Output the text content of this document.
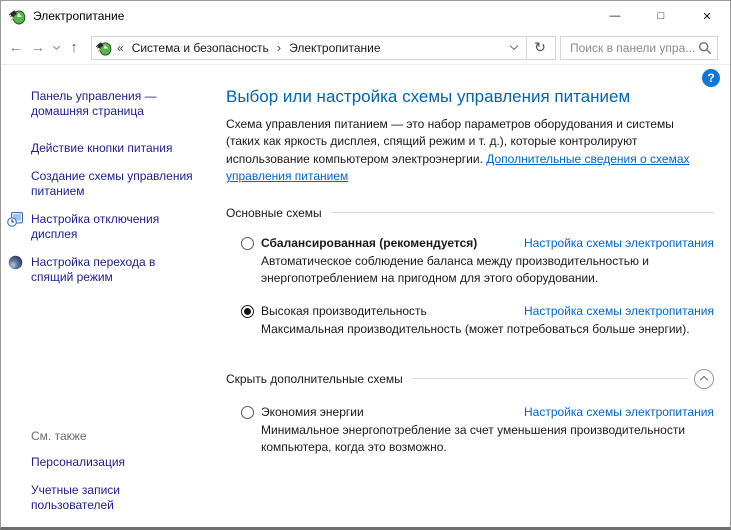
Электропитание	—	□	✕
← →	↑	« Система и безопасность › Электропитание	↻
Поиск в панели упра...
Панель управления — домашняя страница
Действие кнопки питания
Создание схемы управления питанием
Настройка отключения дисплея
Настройка перехода в спящий режим
См. также
Персонализация
Учетные записи пользователей
?
Выбор или настройка схемы управления питанием

Схема управления питанием — это набор параметров оборудования и системы (таких как яркость дисплея, спящий режим и т. д.), которые контролируют использование компьютером электроэнергии. Дополнительные сведения о схемах управления питанием

Основные схемы
Сбалансированная (рекомендуется)	Настройка схемы электропитания
Автоматическое соблюдение баланса между производительностью и энергопотреблением на пригодном для этого оборудовании.
Высокая производительность	Настройка схемы электропитания
Максимальная производительность (может потребоваться больше энергии).
Скрыть дополнительные схемы
Экономия энергии	Настройка схемы электропитания
Минимальное энергопотребление за счет уменьшения производительности компьютера, когда это возможно.
